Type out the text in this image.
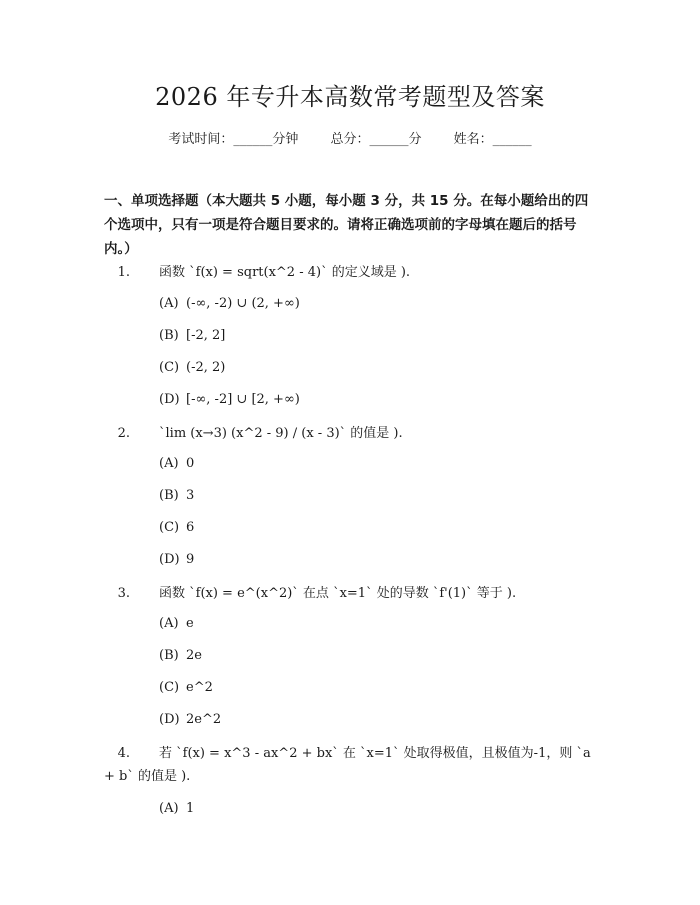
2026 年专升本高数常考题型及答案
考试时间：______分钟 总分：______分 姓名：______
一、单项选择题（本大题共 5 小题，每小题 3 分，共 15 分。在每小题给出的四个选项中，只有一项是符合题目要求的。请将正确选项前的字母填在题后的括号内。）
1. 函数 `f(x) = sqrt(x^2 - 4)` 的定义域是 ).
(A) (-∞, -2) ∪ (2, +∞)
(B) [-2, 2]
(C) (-2, 2)
(D) [-∞, -2] ∪ [2, +∞)
2. `lim (x→3) (x^2 - 9) / (x - 3)` 的值是 ).
(A) 0
(B) 3
(C) 6
(D) 9
3. 函数 `f(x) = e^(x^2)` 在点 `x=1` 处的导数 `f'(1)` 等于 ).
(A) e
(B) 2e
(C) e^2
(D) 2e^2
4. 若 `f(x) = x^3 - ax^2 + bx` 在 `x=1` 处取得极值，且极值为-1，则 `a + b` 的值是 ).
(A) 1
